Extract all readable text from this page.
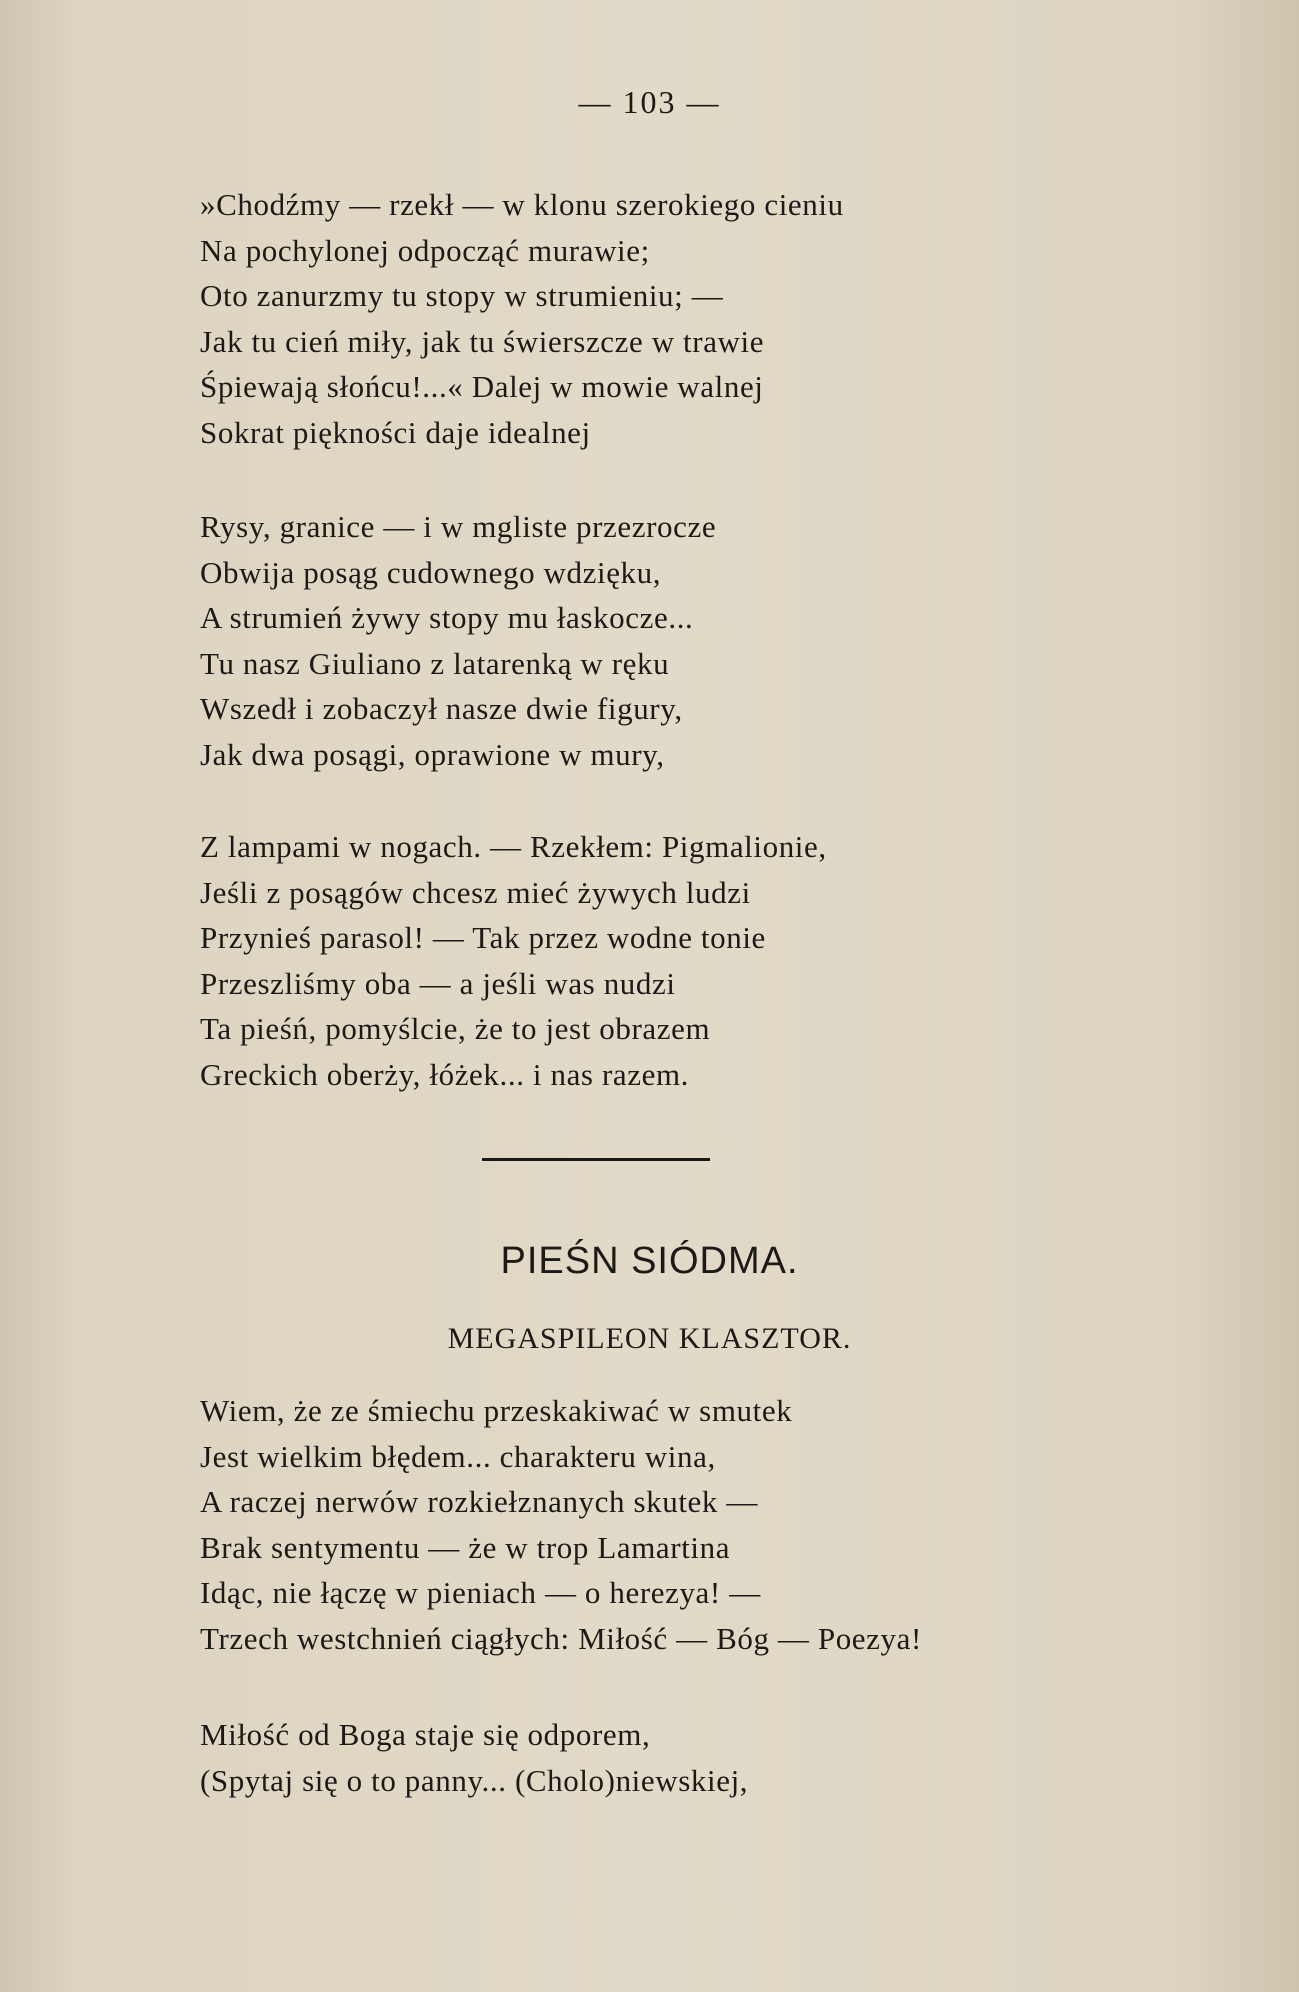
— 103 —
»Chodźmy — rzekł — w klonu szerokiego cieniu
Na pochylonej odpocząć murawie;
Oto zanurzmy tu stopy w strumieniu; —
Jak tu cień miły, jak tu świerszcze w trawie
Śpiewają słońcu!...« Dalej w mowie walnej
Sokrat piękności daje idealnej
Rysy, granice — i w mgliste przezrocze
Obwija posąg cudownego wdzięku,
A strumień żywy stopy mu łaskocze...
Tu nasz Giuliano z latarenką w ręku
Wszedł i zobaczył nasze dwie figury,
Jak dwa posągi, oprawione w mury,
Z lampami w nogach. — Rzekłem: Pigmalionie,
Jeśli z posągów chcesz mieć żywych ludzi
Przynieś parasol! — Tak przez wodne tonie
Przeszliśmy oba — a jeśli was nudzi
Ta pieśń, pomyślcie, że to jest obrazem
Greckich oberży, łóżek... i nas razem.
PIEŚN SIÓDMA.
MEGASPILEON KLASZTOR.
Wiem, że ze śmiechu przeskakiwać w smutek
Jest wielkim błędem... charakteru wina,
A raczej nerwów rozkiełznanych skutek —
Brak sentymentu — że w trop Lamartina
Idąc, nie łączę w pieniach — o herezya! —
Trzech westchnień ciągłych: Miłość — Bóg — Poezya!
Miłość od Boga staje się odporem,
(Spytaj się o to panny... (Cholo)niewskiej,
